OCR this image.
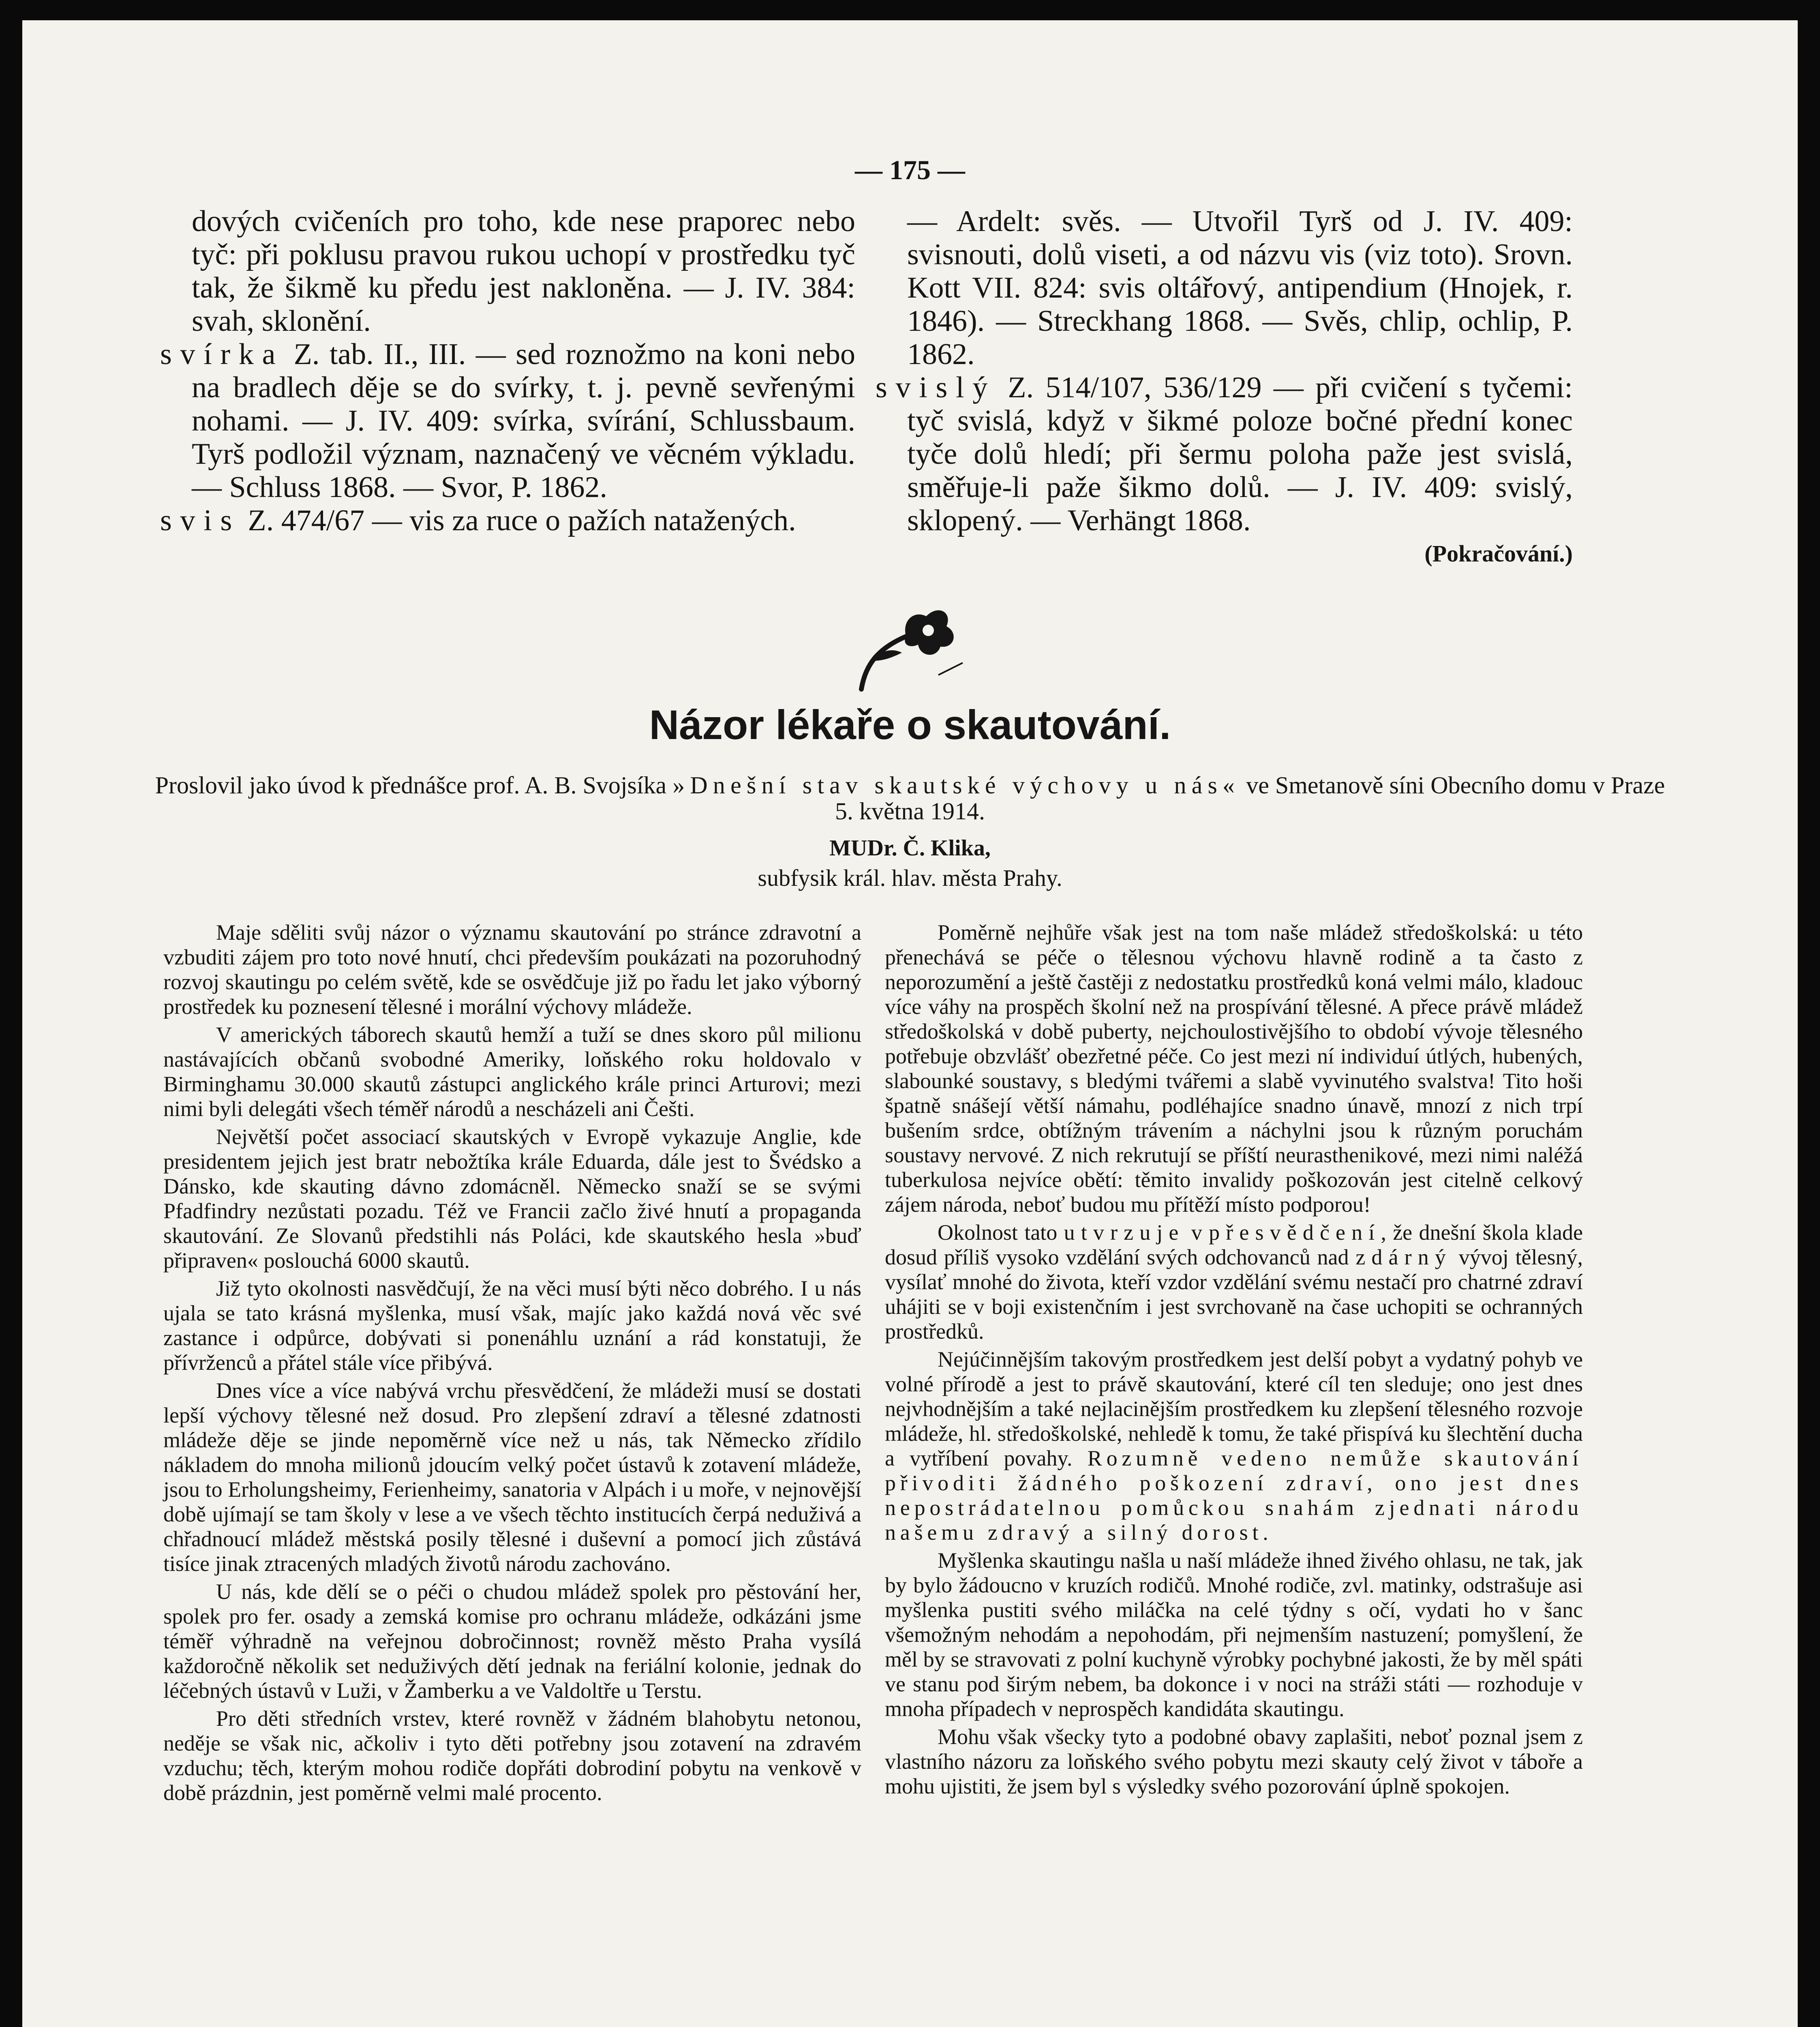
— 175 —

dových cvičeních pro toho, kde nese praporec nebo tyč: při poklusu pravou rukou uchopí v prostředku tyč tak, že šikmě ku předu jest nakloněna. — J. IV. 384: svah, sklonění.

svírka Z. tab. II., III. — sed roznožmo na koni nebo na bradlech děje se do svírky, t. j. pevně sevřenými nohami. — J. IV. 409: svírka, svírání, Schlussbaum. Tyrš podložil význam, naznačený ve věcném výkladu. — Schluss 1868. — Svor, P. 1862.

svis Z. 474/67 — vis za ruce o pažích natažených.

— Ardelt: svěs. — Utvořil Tyrš od J. IV. 409: svisnouti, dolů viseti, a od názvu vis (viz toto). Srovn. Kott VII. 824: svis oltářový, antipendium (Hnojek, r. 1846). — Streckhang 1868. — Svěs, chlip, ochlip, P. 1862.

svislý Z. 514/107, 536/129 — při cvičení s tyčemi: tyč svislá, když v šikmé poloze bočné přední konec tyče dolů hledí; při šermu poloha paže jest svislá, směřuje-li paže šikmo dolů. — J. IV. 409: svislý, sklopený. — Verhängt 1868.

(Pokračování.)

Názor lékaře o skautování.
Proslovil jako úvod k přednášce prof. A. B. Svojsíka »Dnešní stav skautské výchovy u nás« ve Smetanově síni Obecního domu v Praze 5. května 1914.
MUDr. Č. Klika,
subfysik král. hlav. města Prahy.

Maje sděliti svůj názor o významu skautování po stránce zdravotní a vzbuditi zájem pro toto nové hnutí, chci především poukázati na pozoruhodný rozvoj skautingu po celém světě, kde se osvědčuje již po řadu let jako výborný prostředek ku poznesení tělesné i morální výchovy mládeže.

V amerických táborech skautů hemží a tuží se dnes skoro půl milionu nastávajících občanů svobodné Ameriky, loňského roku holdovalo v Birminghamu 30.000 skautů zástupci anglického krále princi Arturovi; mezi nimi byli delegáti všech téměř národů a nescházeli ani Češti.

Největší počet associací skautských v Evropě vykazuje Anglie, kde presidentem jejich jest bratr nebožtíka krále Eduarda, dále jest to Švédsko a Dánsko, kde skauting dávno zdomácněl. Německo snaží se se svými Pfadfindry nezůstati pozadu. Též ve Francii začlo živé hnutí a propaganda skautování. Ze Slovanů předstihli nás Poláci, kde skautského hesla »buď připraven« poslouchá 6000 skautů.

Již tyto okolnosti nasvědčují, že na věci musí býti něco dobrého. I u nás ujala se tato krásná myšlenka, musí však, majíc jako každá nová věc své zastance i odpůrce, dobývati si ponenáhlu uznání a rád konstatuji, že přívrženců a přátel stále více přibývá.

Dnes více a více nabývá vrchu přesvědčení, že mládeži musí se dostati lepší výchovy tělesné než dosud. Pro zlepšení zdraví a tělesné zdatnosti mládeže děje se jinde nepoměrně více než u nás, tak Německo zřídilo nákladem do mnoha milionů jdoucím velký počet ústavů k zotavení mládeže, jsou to Erholungsheimy, Ferienheimy, sanatoria v Alpách i u moře, v nejnovější době ujímají se tam školy v lese a ve všech těchto institucích čerpá neduživá a chřadnoucí mládež městská posily tělesné i duševní a pomocí jich zůstává tisíce jinak ztracených mladých životů národu zachováno.

U nás, kde dělí se o péči o chudou mládež spolek pro pěstování her, spolek pro fer. osady a zemská komise pro ochranu mládeže, odkázáni jsme téměř výhradně na veřejnou dobročinnost; rovněž město Praha vysílá každoročně několik set neduživých dětí jednak na feriální kolonie, jednak do léčebných ústavů v Luži, v Žamberku a ve Valdoltře u Terstu.

Pro děti středních vrstev, které rovněž v žádném blahobytu netonou, neděje se však nic, ačkoliv i tyto děti potřebny jsou zotavení na zdravém vzduchu; těch, kterým mohou rodiče dopřáti dobrodiní pobytu na venkově v době prázdnin, jest poměrně velmi malé procento.

Poměrně nejhůře však jest na tom naše mládež středoškolská: u této přenechává se péče o tělesnou výchovu hlavně rodině a ta často z neporozumění a ještě častěji z nedostatku prostředků koná velmi málo, kladouc více váhy na prospěch školní než na prospívání tělesné. A přece právě mládež středoškolská v době puberty, nejchoulostivějšího to období vývoje tělesného potřebuje obzvlášť obezřetné péče. Co jest mezi ní individuí útlých, hubených, slabounké soustavy, s bledými tvářemi a slabě vyvinutého svalstva! Tito hoši špatně snášejí větší námahu, podléhajíce snadno únavě, mnozí z nich trpí bušením srdce, obtížným trávením a náchylni jsou k různým poruchám soustavy nervové. Z nich rekrutují se příští neurasthenikové, mezi nimi naléžá tuberkulosa nejvíce obětí: těmito invalidy poškozován jest citelně celkový zájem národa, neboť budou mu přítěží místo podporou!

Okolnost tato utvrzuje v přesvědčení, že dnešní škola klade dosud příliš vysoko vzdělání svých odchovanců nad zdárný vývoj tělesný, vysílať mnohé do života, kteří vzdor vzdělání svému nestačí pro chatrné zdraví uhájiti se v boji existenčním i jest svrchovaně na čase uchopiti se ochranných prostředků.

Nejúčinnějším takovým prostředkem jest delší pobyt a vydatný pohyb ve volné přírodě a jest to právě skautování, které cíl ten sleduje; ono jest dnes nejvhodnějším a také nejlacinějším prostředkem ku zlepšení tělesného rozvoje mládeže, hl. středoškolské, nehledě k tomu, že také přispívá ku šlechtění ducha a vytříbení povahy. Rozumně vedeno nemůže skautování přivoditi žádného poškození zdraví, ono jest dnes nepostrádatelnou pomůckou snahám zjednati národu našemu zdravý a silný dorost.

Myšlenka skautingu našla u naší mládeže ihned živého ohlasu, ne tak, jak by bylo žádoucno v kruzích rodičů. Mnohé rodiče, zvl. matinky, odstrašuje asi myšlenka pustiti svého miláčka na celé týdny s očí, vydati ho v šanc všemožným nehodám a nepohodám, při nejmenším nastuzení; pomyšlení, že měl by se stravovati z polní kuchyně výrobky pochybné jakosti, že by měl spáti ve stanu pod širým nebem, ba dokonce i v noci na stráži státi — rozhoduje v mnoha případech v neprospěch kandidáta skautingu.

Mohu však všecky tyto a podobné obavy zaplašiti, neboť poznal jsem z vlastního názoru za loňského svého pobytu mezi skauty celý život v táboře a mohu ujistiti, že jsem byl s výsledky svého pozorování úplně spokojen.
